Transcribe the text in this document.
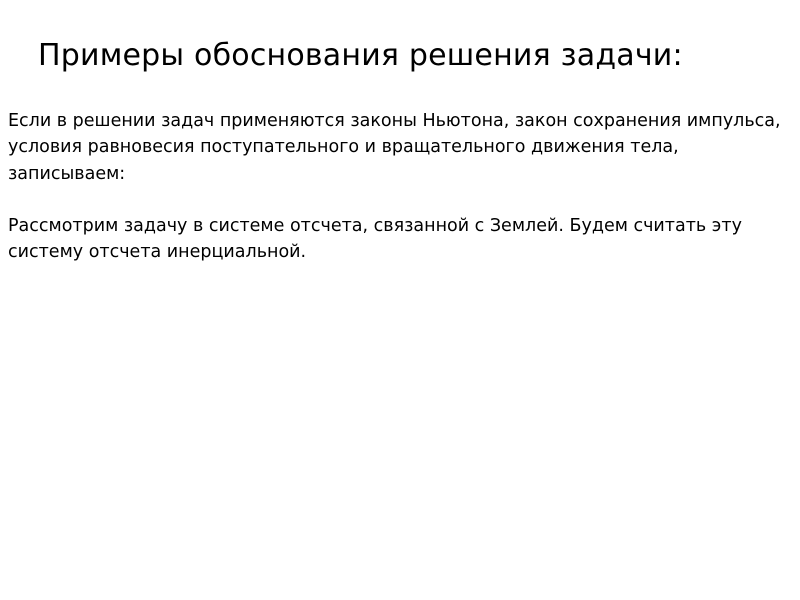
Примеры обоснования решения задачи:

Если в решении задач применяются законы Ньютона, закон сохранения импульса, условия равновесия поступательного и вращательного движения тела, записываем:

Рассмотрим задачу в системе отсчета, связанной с Землей. Будем считать эту систему отсчета инерциальной.
